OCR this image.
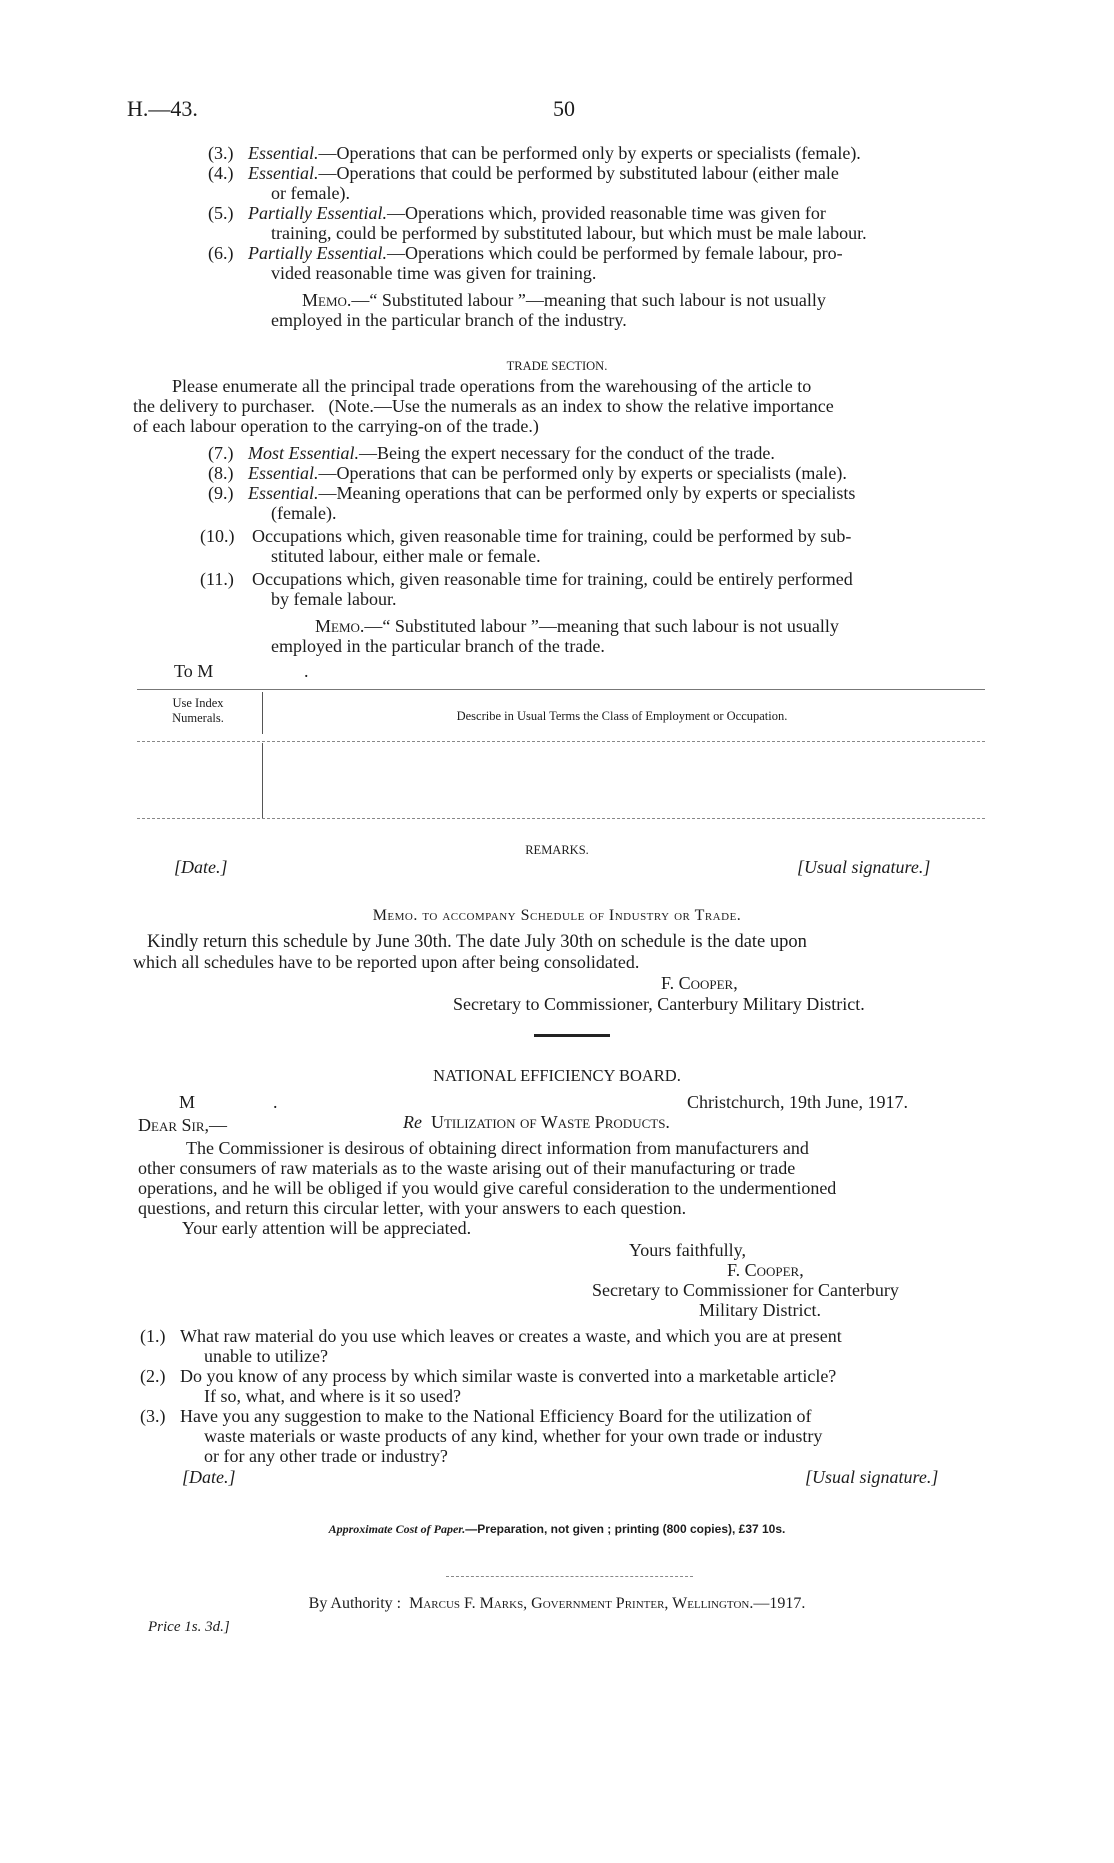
H.—43.	50
(3.) Essential.—Operations that can be performed only by experts or specialists (female).
(4.) Essential.—Operations that could be performed by substituted labour (either male
or female).
(5.) Partially Essential.—Operations which, provided reasonable time was given for
training, could be performed by substituted labour, but which must be male labour.
(6.) Partially Essential.—Operations which could be performed by female labour, pro-
vided reasonable time was given for training.
Memo.—“ Substituted labour ”—meaning that such labour is not usually
employed in the particular branch of the industry.
TRADE SECTION.
Please enumerate all the principal trade operations from the warehousing of the article to
the delivery to purchaser. (Note.—Use the numerals as an index to show the relative importance
of each labour operation to the carrying-on of the trade.)
(7.) Most Essential.—Being the expert necessary for the conduct of the trade.
(8.) Essential.—Operations that can be performed only by experts or specialists (male).
(9.) Essential.—Meaning operations that can be performed only by experts or specialists
(female).
(10.) Occupations which, given reasonable time for training, could be performed by sub-
stituted labour, either male or female.
(11.) Occupations which, given reasonable time for training, could be entirely performed
by female labour.
Memo.—“ Substituted labour ”—meaning that such labour is not usually
employed in the particular branch of the trade.
To M	.
Use Index
Numerals.	Describe in Usual Terms the Class of Employment or Occupation.
REMARKS.
[Date.]	[Usual signature.]
Memo. to accompany Schedule of Industry or Trade.
Kindly return this schedule by June 30th. The date July 30th on schedule is the date upon
which all schedules have to be reported upon after being consolidated.
F. Cooper,
Secretary to Commissioner, Canterbury Military District.
NATIONAL EFFICIENCY BOARD.
M	.	Christchurch, 19th June, 1917.
Dear Sir,—	Re Utilization of Waste Products.
The Commissioner is desirous of obtaining direct information from manufacturers and
other consumers of raw materials as to the waste arising out of their manufacturing or trade
operations, and he will be obliged if you would give careful consideration to the undermentioned
questions, and return this circular letter, with your answers to each question.
Your early attention will be appreciated.
Yours faithfully,
F. Cooper,
Secretary to Commissioner for Canterbury
Military District.
(1.) What raw material do you use which leaves or creates a waste, and which you are at present
unable to utilize?
(2.) Do you know of any process by which similar waste is converted into a marketable article?
If so, what, and where is it so used?
(3.) Have you any suggestion to make to the National Efficiency Board for the utilization of
waste materials or waste products of any kind, whether for your own trade or industry
or for any other trade or industry?
[Date.]	[Usual signature.]
Approximate Cost of Paper.—Preparation, not given ; printing (800 copies), £37 10s.
By Authority : Marcus F. Marks, Government Printer, Wellington.—1917.
Price 1s. 3d.]
